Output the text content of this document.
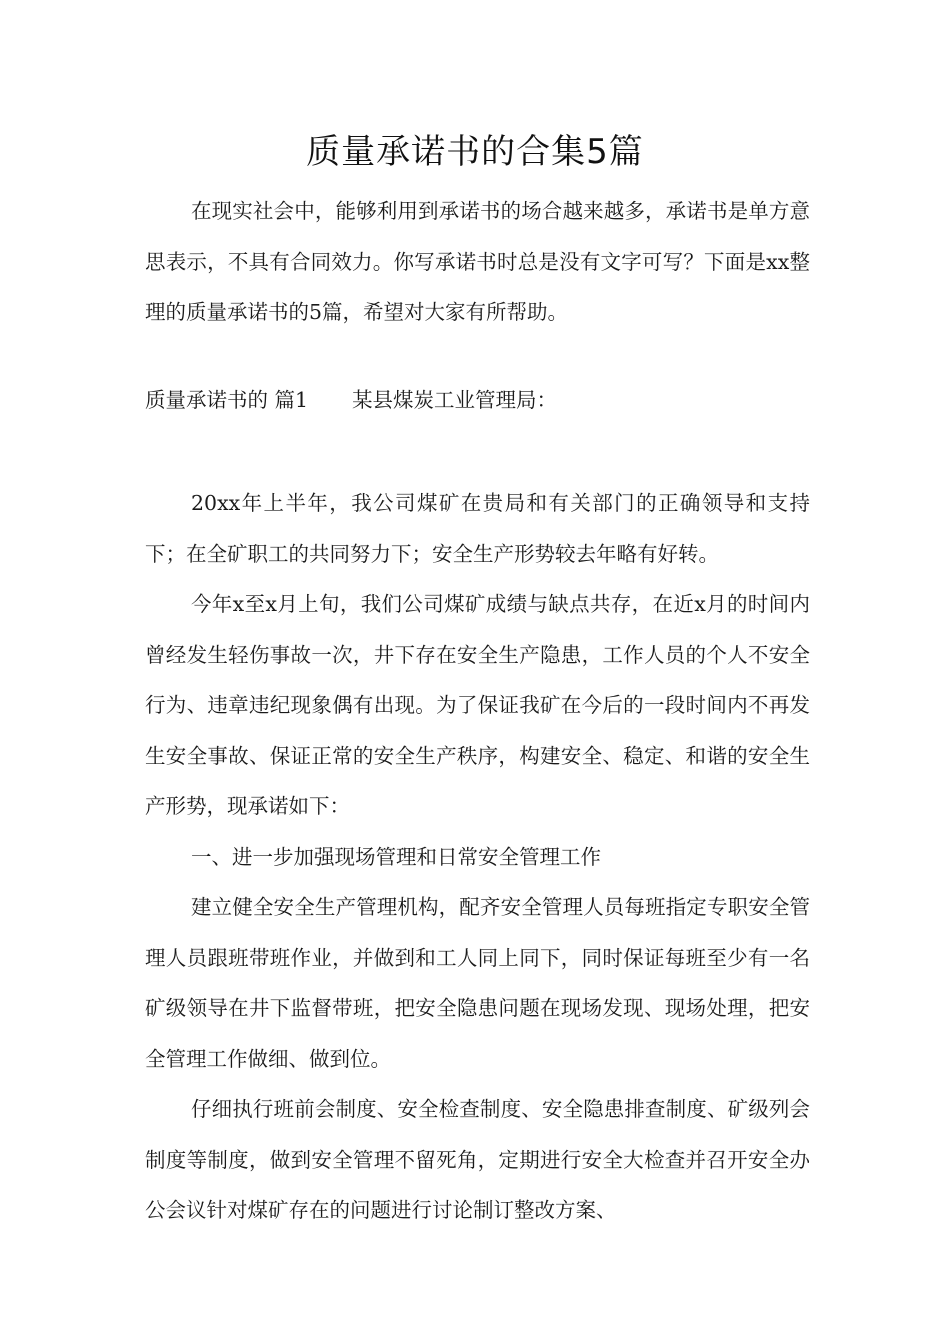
质量承诺书的合集5篇

在现实社会中，能够利用到承诺书的场合越来越多，承诺书是单方意思表示，不具有合同效力。你写承诺书时总是没有文字可写？下面是xx整理的质量承诺书的5篇，希望对大家有所帮助。

质量承诺书的 篇1 某县煤炭工业管理局：

20xx年上半年，我公司煤矿在贵局和有关部门的正确领导和支持下；在全矿职工的共同努力下；安全生产形势较去年略有好转。

今年x至x月上旬，我们公司煤矿成绩与缺点共存，在近x月的时间内曾经发生轻伤事故一次，井下存在安全生产隐患，工作人员的个人不安全行为、违章违纪现象偶有出现。为了保证我矿在今后的一段时间内不再发生安全事故、保证正常的安全生产秩序，构建安全、稳定、和谐的安全生产形势，现承诺如下：

一、进一步加强现场管理和日常安全管理工作

建立健全安全生产管理机构，配齐安全管理人员每班指定专职安全管理人员跟班带班作业，并做到和工人同上同下，同时保证每班至少有一名矿级领导在井下监督带班，把安全隐患问题在现场发现、现场处理，把安全管理工作做细、做到位。

仔细执行班前会制度、安全检查制度、安全隐患排查制度、矿级列会制度等制度，做到安全管理不留死角，定期进行安全大检查并召开安全办公会议针对煤矿存在的问题进行讨论制订整改方案、
